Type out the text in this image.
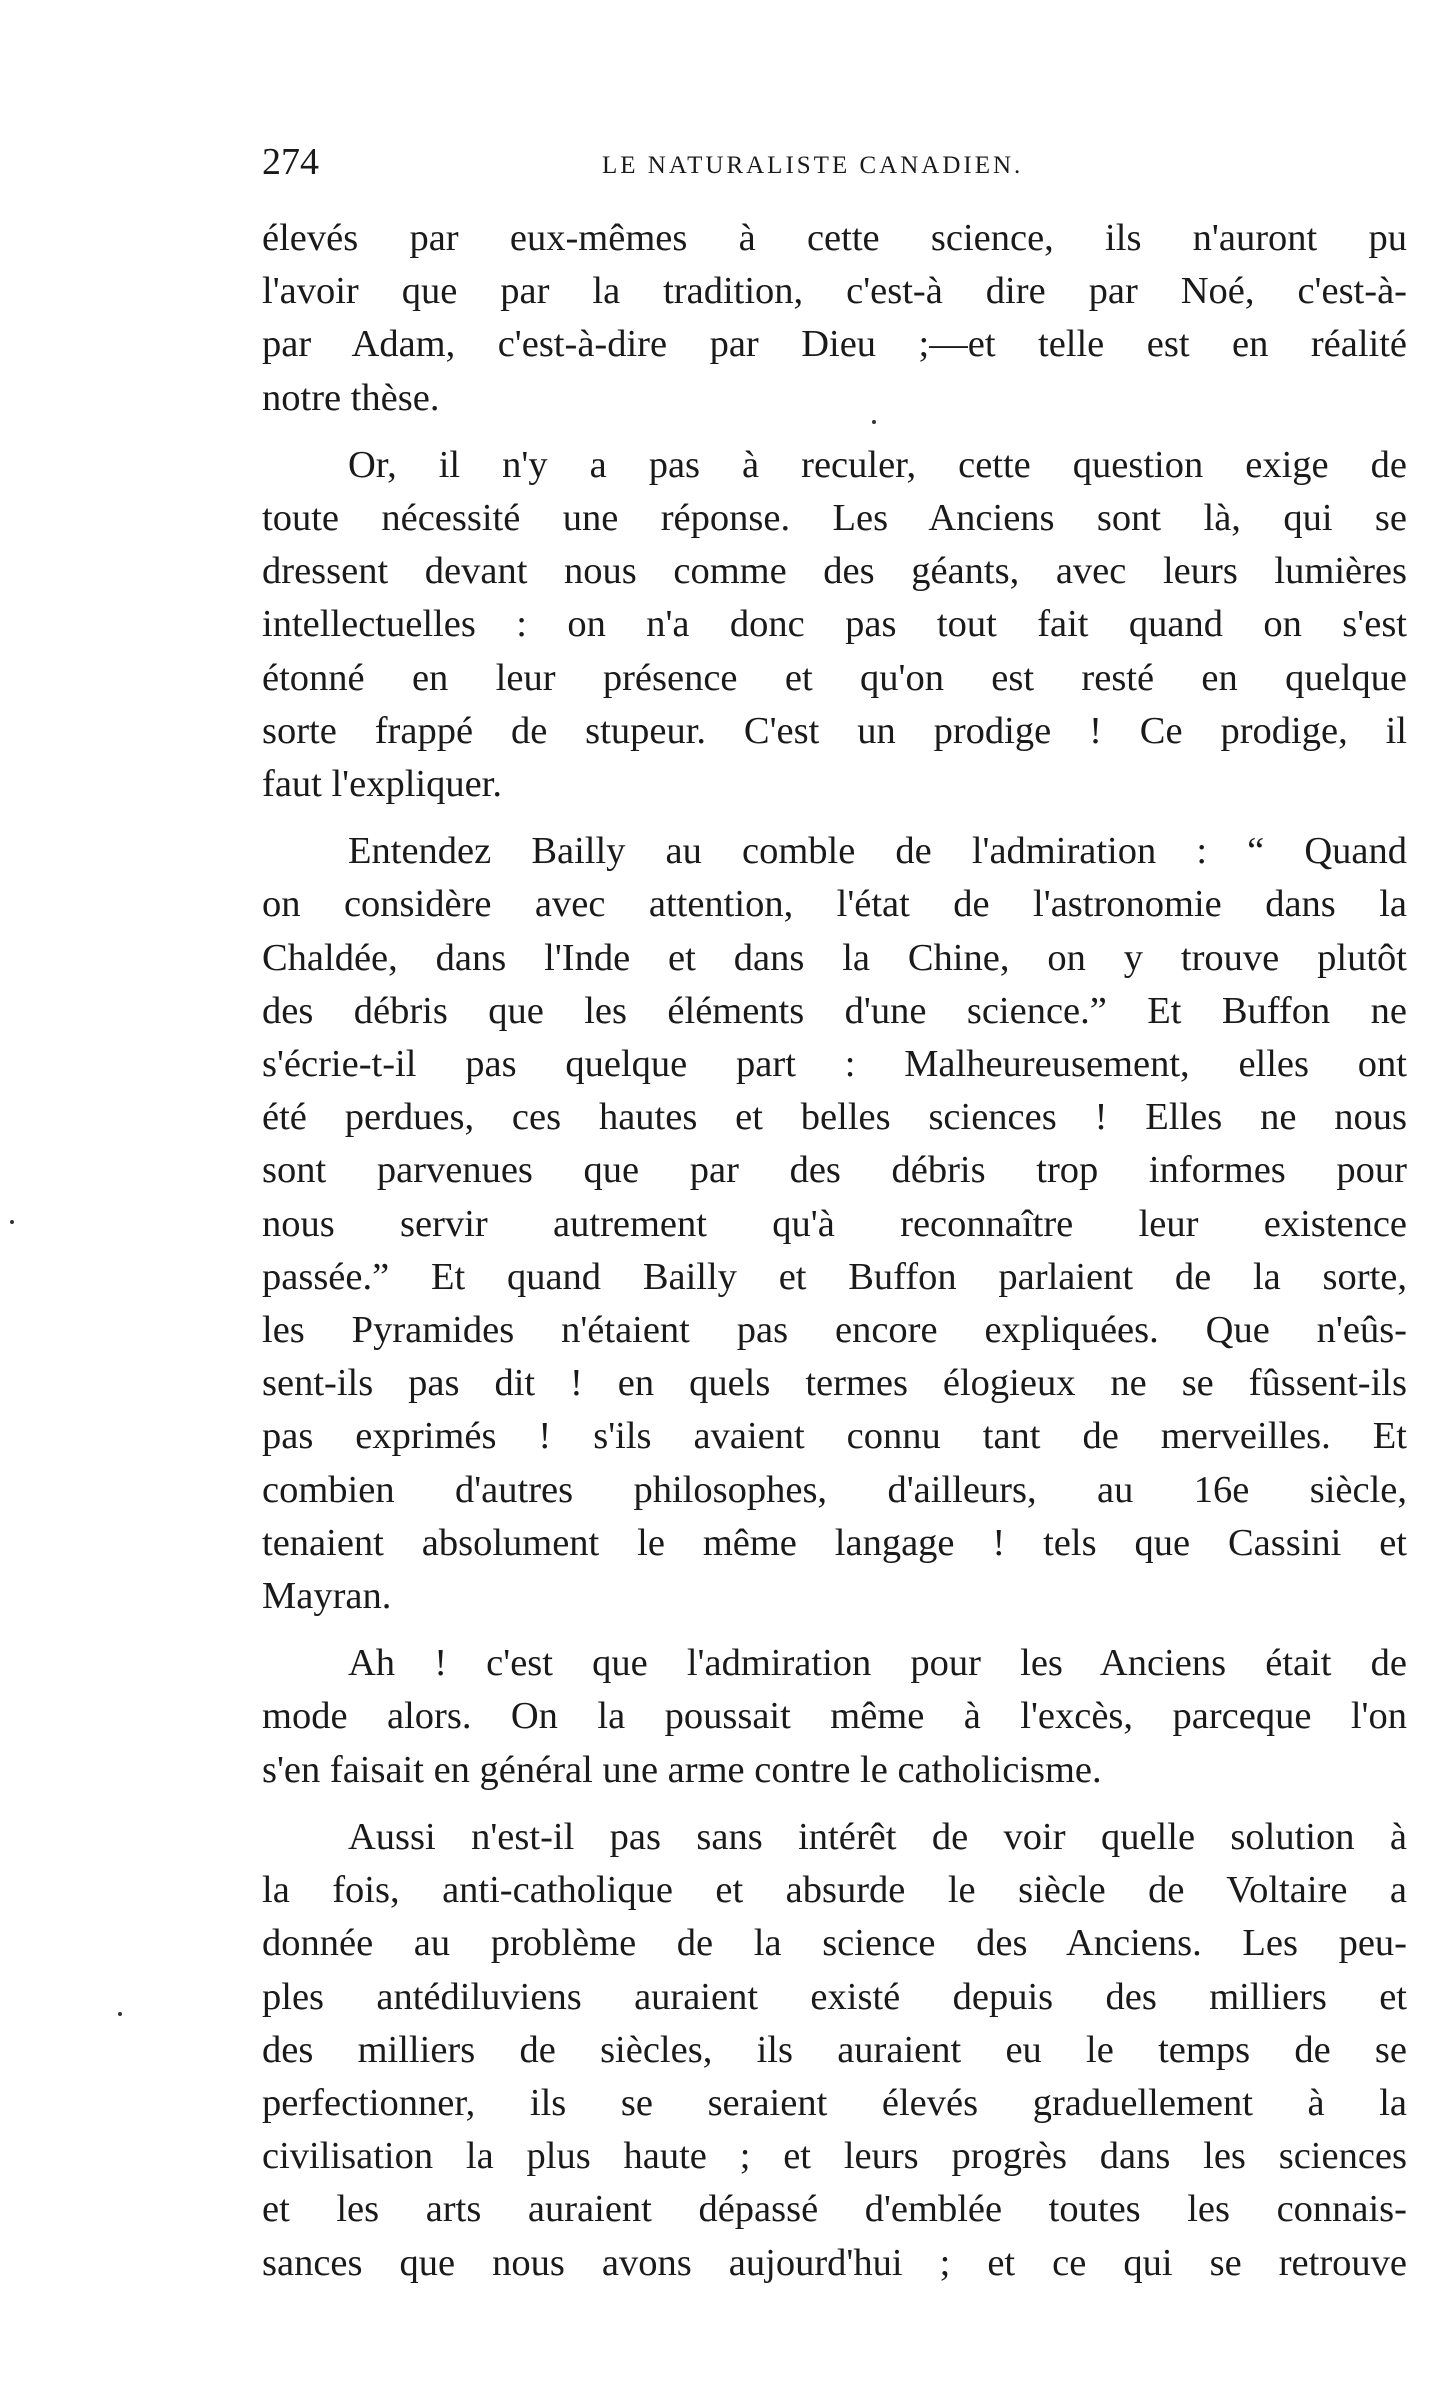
274	LE NATURALISTE CANADIEN.

élevés par eux-mêmes à cette science, ils n'auront pu
l'avoir que par la tradition, c'est-à dire par Noé, c'est-à-
par Adam, c'est-à-dire par Dieu ;—et telle est en réalité
notre thèse.

Or, il n'y a pas à reculer, cette question exige de
toute nécessité une réponse. Les Anciens sont là, qui se
dressent devant nous comme des géants, avec leurs lumières
intellectuelles : on n'a donc pas tout fait quand on s'est
étonné en leur présence et qu'on est resté en quelque
sorte frappé de stupeur. C'est un prodige ! Ce prodige, il
faut l'expliquer.

Entendez Bailly au comble de l'admiration : “ Quand
on considère avec attention, l'état de l'astronomie dans la
Chaldée, dans l'Inde et dans la Chine, on y trouve plutôt
des débris que les éléments d'une science.” Et Buffon ne
s'écrie-t-il pas quelque part : Malheureusement, elles ont
été perdues, ces hautes et belles sciences ! Elles ne nous
sont parvenues que par des débris trop informes pour
nous servir autrement qu'à reconnaître leur existence
passée.” Et quand Bailly et Buffon parlaient de la sorte,
les Pyramides n'étaient pas encore expliquées. Que n'eûs-
sent-ils pas dit ! en quels termes élogieux ne se fûssent-ils
pas exprimés ! s'ils avaient connu tant de merveilles. Et
combien d'autres philosophes, d'ailleurs, au 16e siècle,
tenaient absolument le même langage ! tels que Cassini et
Mayran.

Ah ! c'est que l'admiration pour les Anciens était de
mode alors. On la poussait même à l'excès, parceque l'on
s'en faisait en général une arme contre le catholicisme.

Aussi n'est-il pas sans intérêt de voir quelle solution à
la fois, anti-catholique et absurde le siècle de Voltaire a
donnée au problème de la science des Anciens. Les peu-
ples antédiluviens auraient existé depuis des milliers et
des milliers de siècles, ils auraient eu le temps de se
perfectionner, ils se seraient élevés graduellement à la
civilisation la plus haute ; et leurs progrès dans les sciences
et les arts auraient dépassé d'emblée toutes les connais-
sances que nous avons aujourd'hui ; et ce qui se retrouve
